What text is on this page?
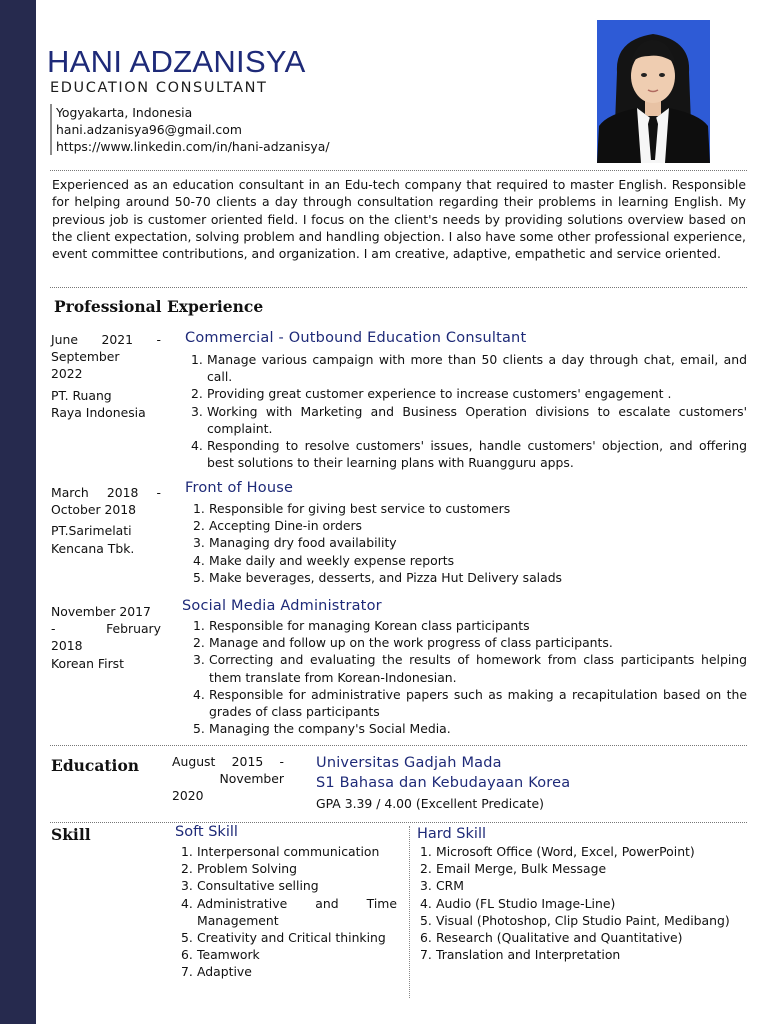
HANI ADZANISYA
EDUCATION CONSULTANT
Yogyakarta, Indonesia
hani.adzanisya96@gmail.com
https://www.linkedin.com/in/hani-adzanisya/

Experienced as an education consultant in an Edu-tech company that required to master English. Responsible for helping around 50-70 clients a day through consultation regarding their problems in learning English. My previous job is customer oriented field. I focus on the client's needs by providing solutions overview based on the client expectation, solving problem and handling objection. I also have some other professional experience, event committee contributions, and organization. I am creative, adaptive, empathetic and service oriented.

Professional Experience
June 2021 -
September
2022
PT. Ruang
Raya Indonesia
Commercial - Outbound Education Consultant
1. Manage various campaign with more than 50 clients a day through chat, email, and call.
2. Providing great customer experience to increase customers' engagement .
3. Working with Marketing and Business Operation divisions to escalate customers' complaint.
4. Responding to resolve customers' issues, handle customers' objection, and offering best solutions to their learning plans with Ruangguru apps.
March 2018 -
October 2018
PT.Sarimelati
Kencana Tbk.
Front of House
1. Responsible for giving best service to customers
2. Accepting Dine-in orders
3. Managing dry food availability
4. Make daily and weekly expense reports
5. Make beverages, desserts, and Pizza Hut Delivery salads
November 2017
- February
2018
Korean First
Social Media Administrator
1. Responsible for managing Korean class participants
2. Manage and follow up on the work progress of class participants.
3. Correcting and evaluating the results of homework from class participants helping them translate from Korean-Indonesian.
4. Responsible for administrative papers such as making a recapitulation based on the grades of class participants
5. Managing the company's Social Media.
Education	August 2015 -
November
2020
Universitas Gadjah Mada
S1 Bahasa dan Kebudayaan Korea
GPA 3.39 / 4.00 (Excellent Predicate)
Skill	Soft Skill
1. Interpersonal communication
2. Problem Solving
3. Consultative selling
4. Administrative and Time Management
5. Creativity and Critical thinking
6. Teamwork
7. Adaptive
Hard Skill
1. Microsoft Office (Word, Excel, PowerPoint)
2. Email Merge, Bulk Message
3. CRM
4. Audio (FL Studio Image-Line)
5. Visual (Photoshop, Clip Studio Paint, Medibang)
6. Research (Qualitative and Quantitative)
7. Translation and Interpretation
